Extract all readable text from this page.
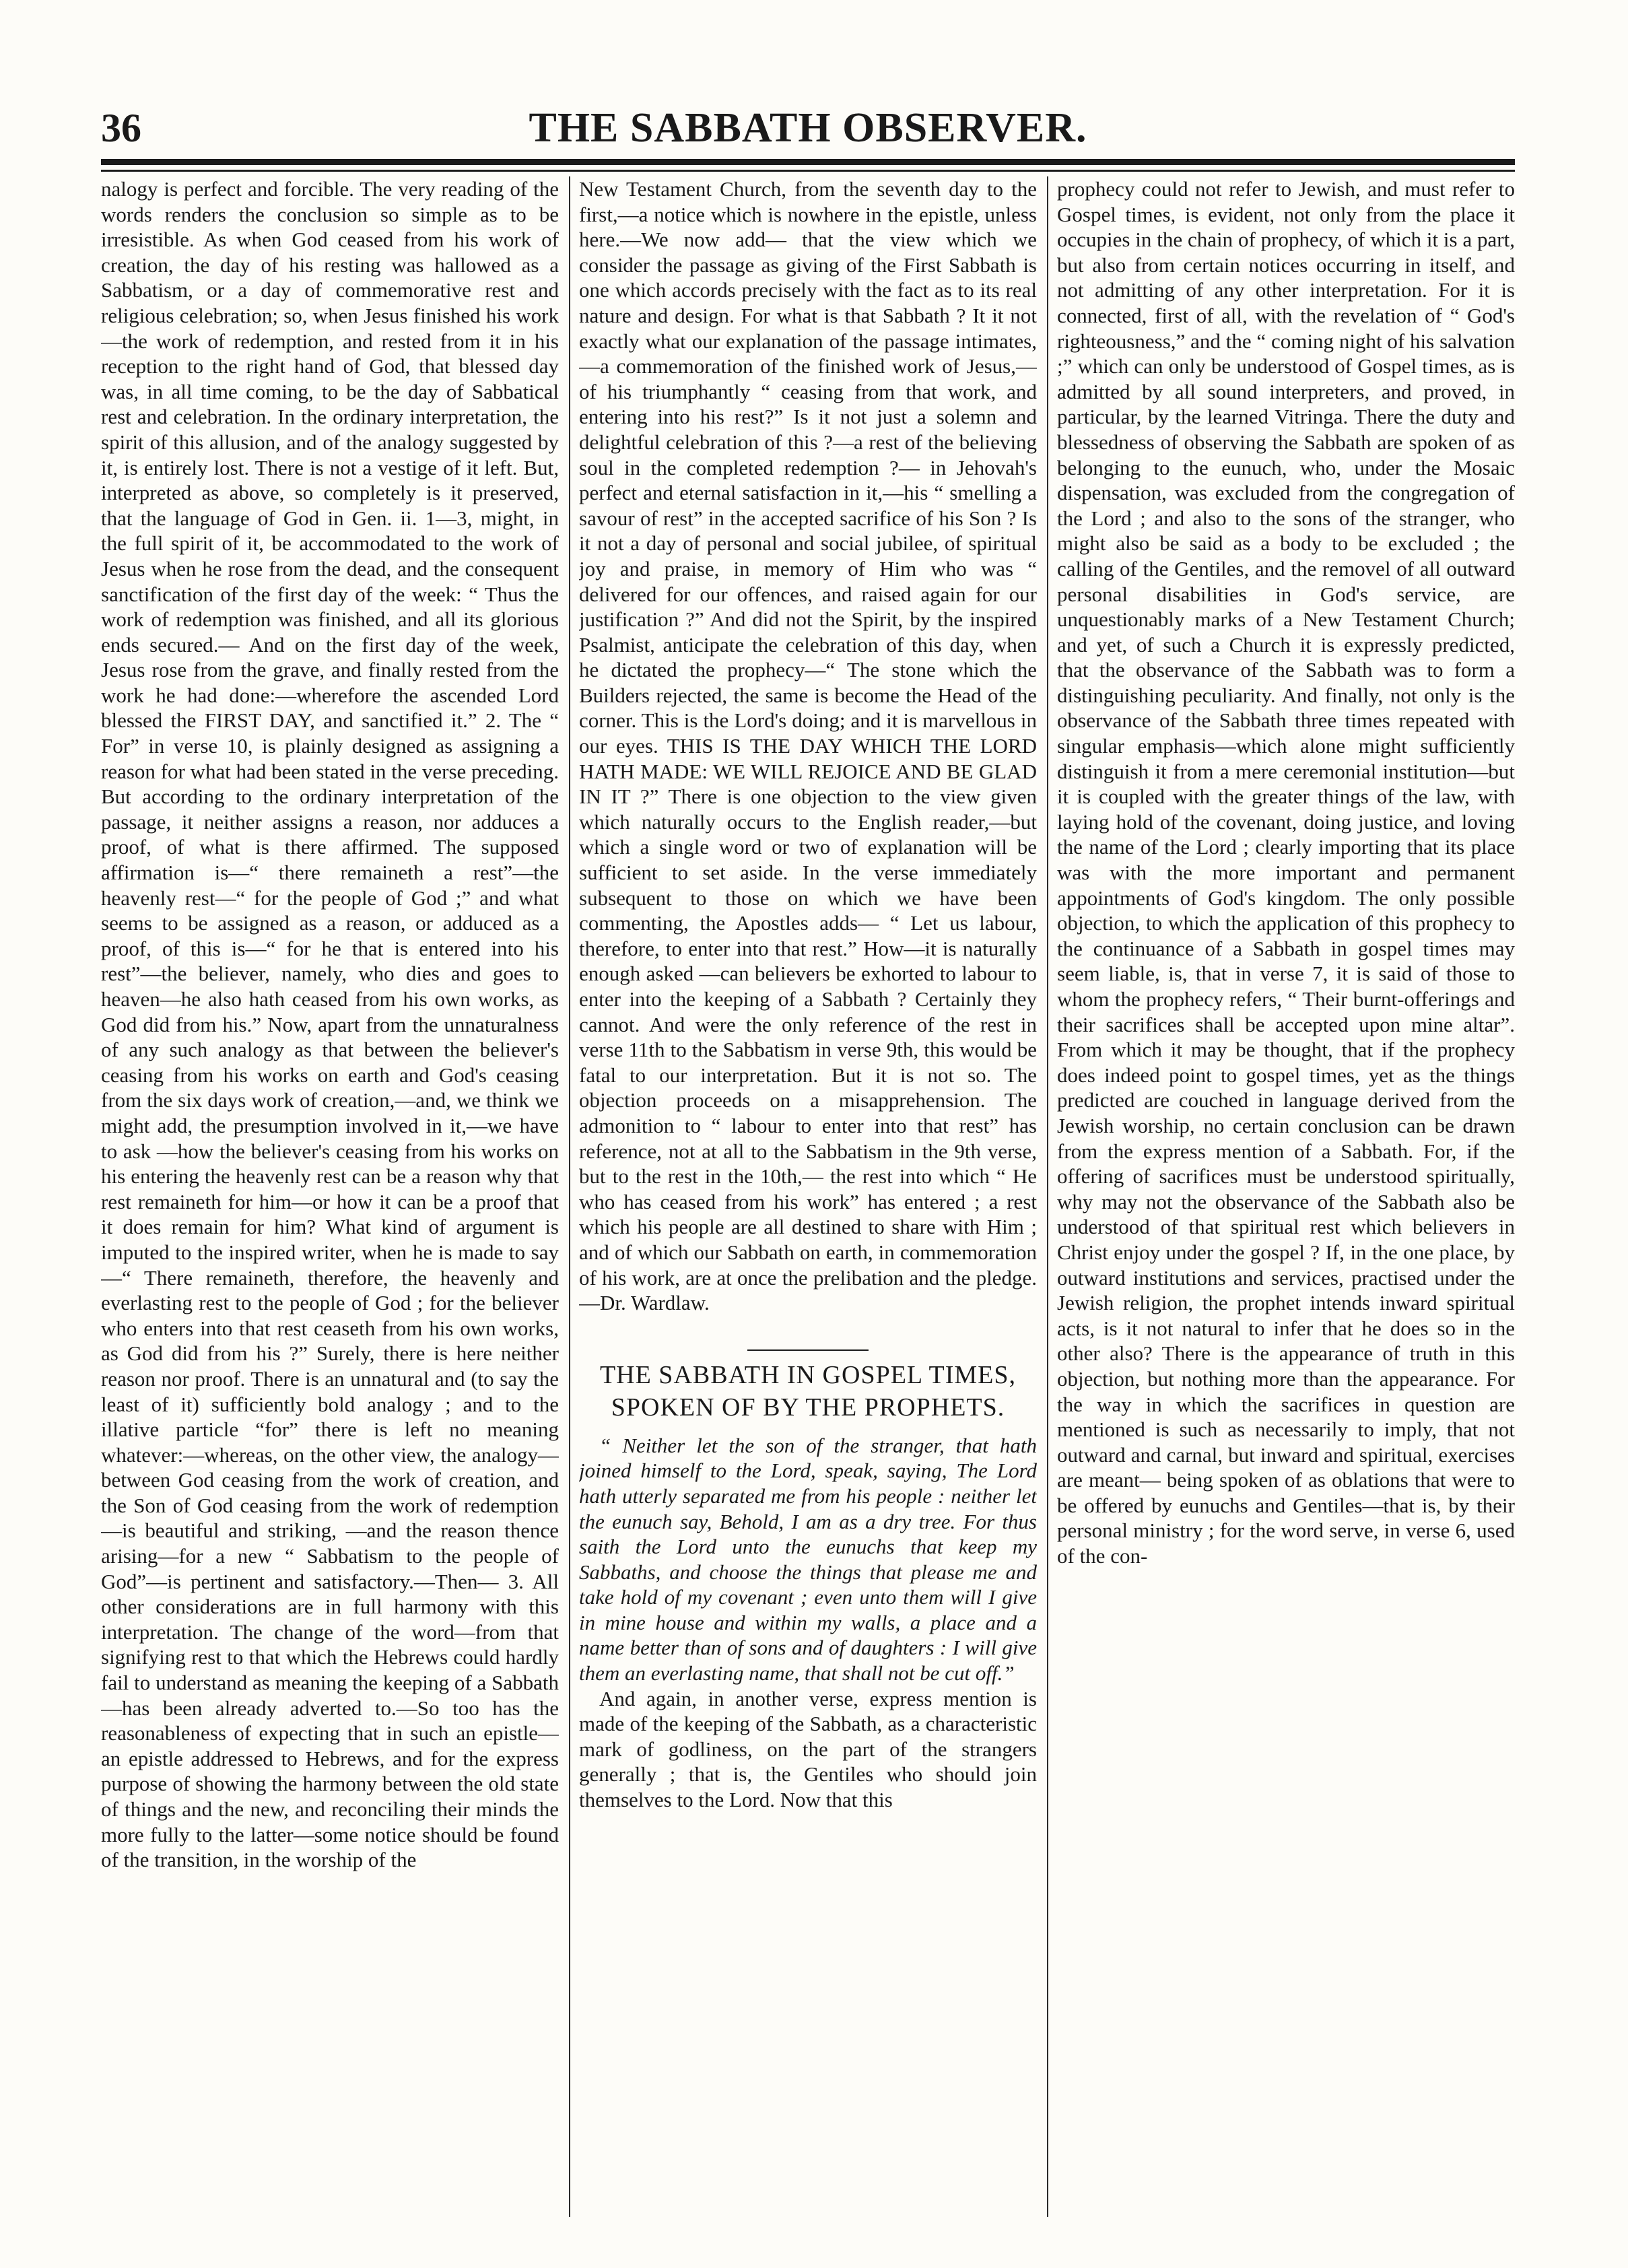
36	THE SABBATH OBSERVER.

nalogy is perfect and forcible. The very reading of the words renders the conclusion so simple as to be irresistible. As when God ceased from his work of creation, the day of his resting was hallowed as a Sabbatism, or a day of commemorative rest and religious celebration; so, when Jesus finished his work —the work of redemption, and rested from it in his reception to the right hand of God, that blessed day was, in all time coming, to be the day of Sabbatical rest and celebration. In the ordinary interpretation, the spirit of this allusion, and of the analogy suggested by it, is entirely lost. There is not a vestige of it left. But, interpreted as above, so completely is it preserved, that the language of God in Gen. ii. 1—3, might, in the full spirit of it, be accommodated to the work of Jesus when he rose from the dead, and the consequent sanctification of the first day of the week: “ Thus the work of redemption was finished, and all its glorious ends secured.— And on the first day of the week, Jesus rose from the grave, and finally rested from the work he had done:—wherefore the ascended Lord blessed the FIRST DAY, and sanctified it.” 2. The “ For” in verse 10, is plainly designed as assigning a reason for what had been stated in the verse preceding. But according to the ordinary interpretation of the passage, it neither assigns a reason, nor adduces a proof, of what is there affirmed. The supposed affirmation is—“ there remaineth a rest”—the heavenly rest—“ for the people of God ;” and what seems to be assigned as a reason, or adduced as a proof, of this is—“ for he that is entered into his rest”—the believer, namely, who dies and goes to heaven—he also hath ceased from his own works, as God did from his.” Now, apart from the unnaturalness of any such analogy as that between the believer's ceasing from his works on earth and God's ceasing from the six days work of creation,—and, we think we might add, the presumption involved in it,—we have to ask —how the believer's ceasing from his works on his entering the heavenly rest can be a reason why that rest remaineth for him—or how it can be a proof that it does remain for him? What kind of argument is imputed to the inspired writer, when he is made to say —“ There remaineth, therefore, the heavenly and everlasting rest to the people of God ; for the believer who enters into that rest ceaseth from his own works, as God did from his ?” Surely, there is here neither reason nor proof. There is an unnatural and (to say the least of it) sufficiently bold analogy ; and to the illative particle “for” there is left no meaning whatever:—whereas, on the other view, the analogy—between God ceasing from the work of creation, and the Son of God ceasing from the work of redemption—is beautiful and striking, —and the reason thence arising—for a new “ Sabbatism to the people of God”—is pertinent and satisfactory.—Then— 3. All other considerations are in full harmony with this interpretation. The change of the word—from that signifying rest to that which the Hebrews could hardly fail to understand as meaning the keeping of a Sabbath —has been already adverted to.—So too has the reasonableness of expecting that in such an epistle—an epistle addressed to Hebrews, and for the express purpose of showing the harmony between the old state of things and the new, and reconciling their minds the more fully to the latter—some notice should be found of the transition, in the worship of the

New Testament Church, from the seventh day to the first,—a notice which is nowhere in the epistle, unless here.—We now add— that the view which we consider the passage as giving of the First Sabbath is one which accords precisely with the fact as to its real nature and design. For what is that Sabbath ? It it not exactly what our explanation of the passage intimates,—a commemoration of the finished work of Jesus,—of his triumphantly “ ceasing from that work, and entering into his rest?” Is it not just a solemn and delightful celebration of this ?—a rest of the believing soul in the completed redemption ?— in Jehovah's perfect and eternal satisfaction in it,—his “ smelling a savour of rest” in the accepted sacrifice of his Son ? Is it not a day of personal and social jubilee, of spiritual joy and praise, in memory of Him who was “ delivered for our offences, and raised again for our justification ?” And did not the Spirit, by the inspired Psalmist, anticipate the celebration of this day, when he dictated the prophecy—“ The stone which the Builders rejected, the same is become the Head of the corner. This is the Lord's doing; and it is marvellous in our eyes. THIS IS THE DAY WHICH THE LORD HATH MADE: WE WILL REJOICE AND BE GLAD IN IT ?” There is one objection to the view given which naturally occurs to the English reader,—but which a single word or two of explanation will be sufficient to set aside. In the verse immediately subsequent to those on which we have been commenting, the Apostles adds— “ Let us labour, therefore, to enter into that rest.” How—it is naturally enough asked —can believers be exhorted to labour to enter into the keeping of a Sabbath ? Certainly they cannot. And were the only reference of the rest in verse 11th to the Sabbatism in verse 9th, this would be fatal to our interpretation. But it is not so. The objection proceeds on a misapprehension. The admonition to “ labour to enter into that rest” has reference, not at all to the Sabbatism in the 9th verse, but to the rest in the 10th,— the rest into which “ He who has ceased from his work” has entered ; a rest which his people are all destined to share with Him ; and of which our Sabbath on earth, in commemoration of his work, are at once the prelibation and the pledge.—Dr. Wardlaw.

THE SABBATH IN GOSPEL TIMES, SPOKEN OF BY THE PROPHETS.

“ Neither let the son of the stranger, that hath joined himself to the Lord, speak, saying, The Lord hath utterly separated me from his people : neither let the eunuch say, Behold, I am as a dry tree. For thus saith the Lord unto the eunuchs that keep my Sabbaths, and choose the things that please me and take hold of my covenant ; even unto them will I give in mine house and within my walls, a place and a name better than of sons and of daughters : I will give them an everlasting name, that shall not be cut off.”

And again, in another verse, express mention is made of the keeping of the Sabbath, as a characteristic mark of godliness, on the part of the strangers generally ; that is, the Gentiles who should join themselves to the Lord. Now that this

prophecy could not refer to Jewish, and must refer to Gospel times, is evident, not only from the place it occupies in the chain of prophecy, of which it is a part, but also from certain notices occurring in itself, and not admitting of any other interpretation. For it is connected, first of all, with the revelation of “ God's righteousness,” and the “ coming night of his salvation ;” which can only be understood of Gospel times, as is admitted by all sound interpreters, and proved, in particular, by the learned Vitringa. There the duty and blessedness of observing the Sabbath are spoken of as belonging to the eunuch, who, under the Mosaic dispensation, was excluded from the congregation of the Lord ; and also to the sons of the stranger, who might also be said as a body to be excluded ; the calling of the Gentiles, and the removel of all outward personal disabilities in God's service, are unquestionably marks of a New Testament Church; and yet, of such a Church it is expressly predicted, that the observance of the Sabbath was to form a distinguishing peculiarity. And finally, not only is the observance of the Sabbath three times repeated with singular emphasis—which alone might sufficiently distinguish it from a mere ceremonial institution—but it is coupled with the greater things of the law, with laying hold of the covenant, doing justice, and loving the name of the Lord ; clearly importing that its place was with the more important and permanent appointments of God's kingdom. The only possible objection, to which the application of this prophecy to the continuance of a Sabbath in gospel times may seem liable, is, that in verse 7, it is said of those to whom the prophecy refers, “ Their burnt-offerings and their sacrifices shall be accepted upon mine altar”. From which it may be thought, that if the prophecy does indeed point to gospel times, yet as the things predicted are couched in language derived from the Jewish worship, no certain conclusion can be drawn from the express mention of a Sabbath. For, if the offering of sacrifices must be understood spiritually, why may not the observance of the Sabbath also be understood of that spiritual rest which believers in Christ enjoy under the gospel ? If, in the one place, by outward institutions and services, practised under the Jewish religion, the prophet intends inward spiritual acts, is it not natural to infer that he does so in the other also? There is the appearance of truth in this objection, but nothing more than the appearance. For the way in which the sacrifices in question are mentioned is such as necessarily to imply, that not outward and carnal, but inward and spiritual, exercises are meant— being spoken of as oblations that were to be offered by eunuchs and Gentiles—that is, by their personal ministry ; for the word serve, in verse 6, used of the con-
